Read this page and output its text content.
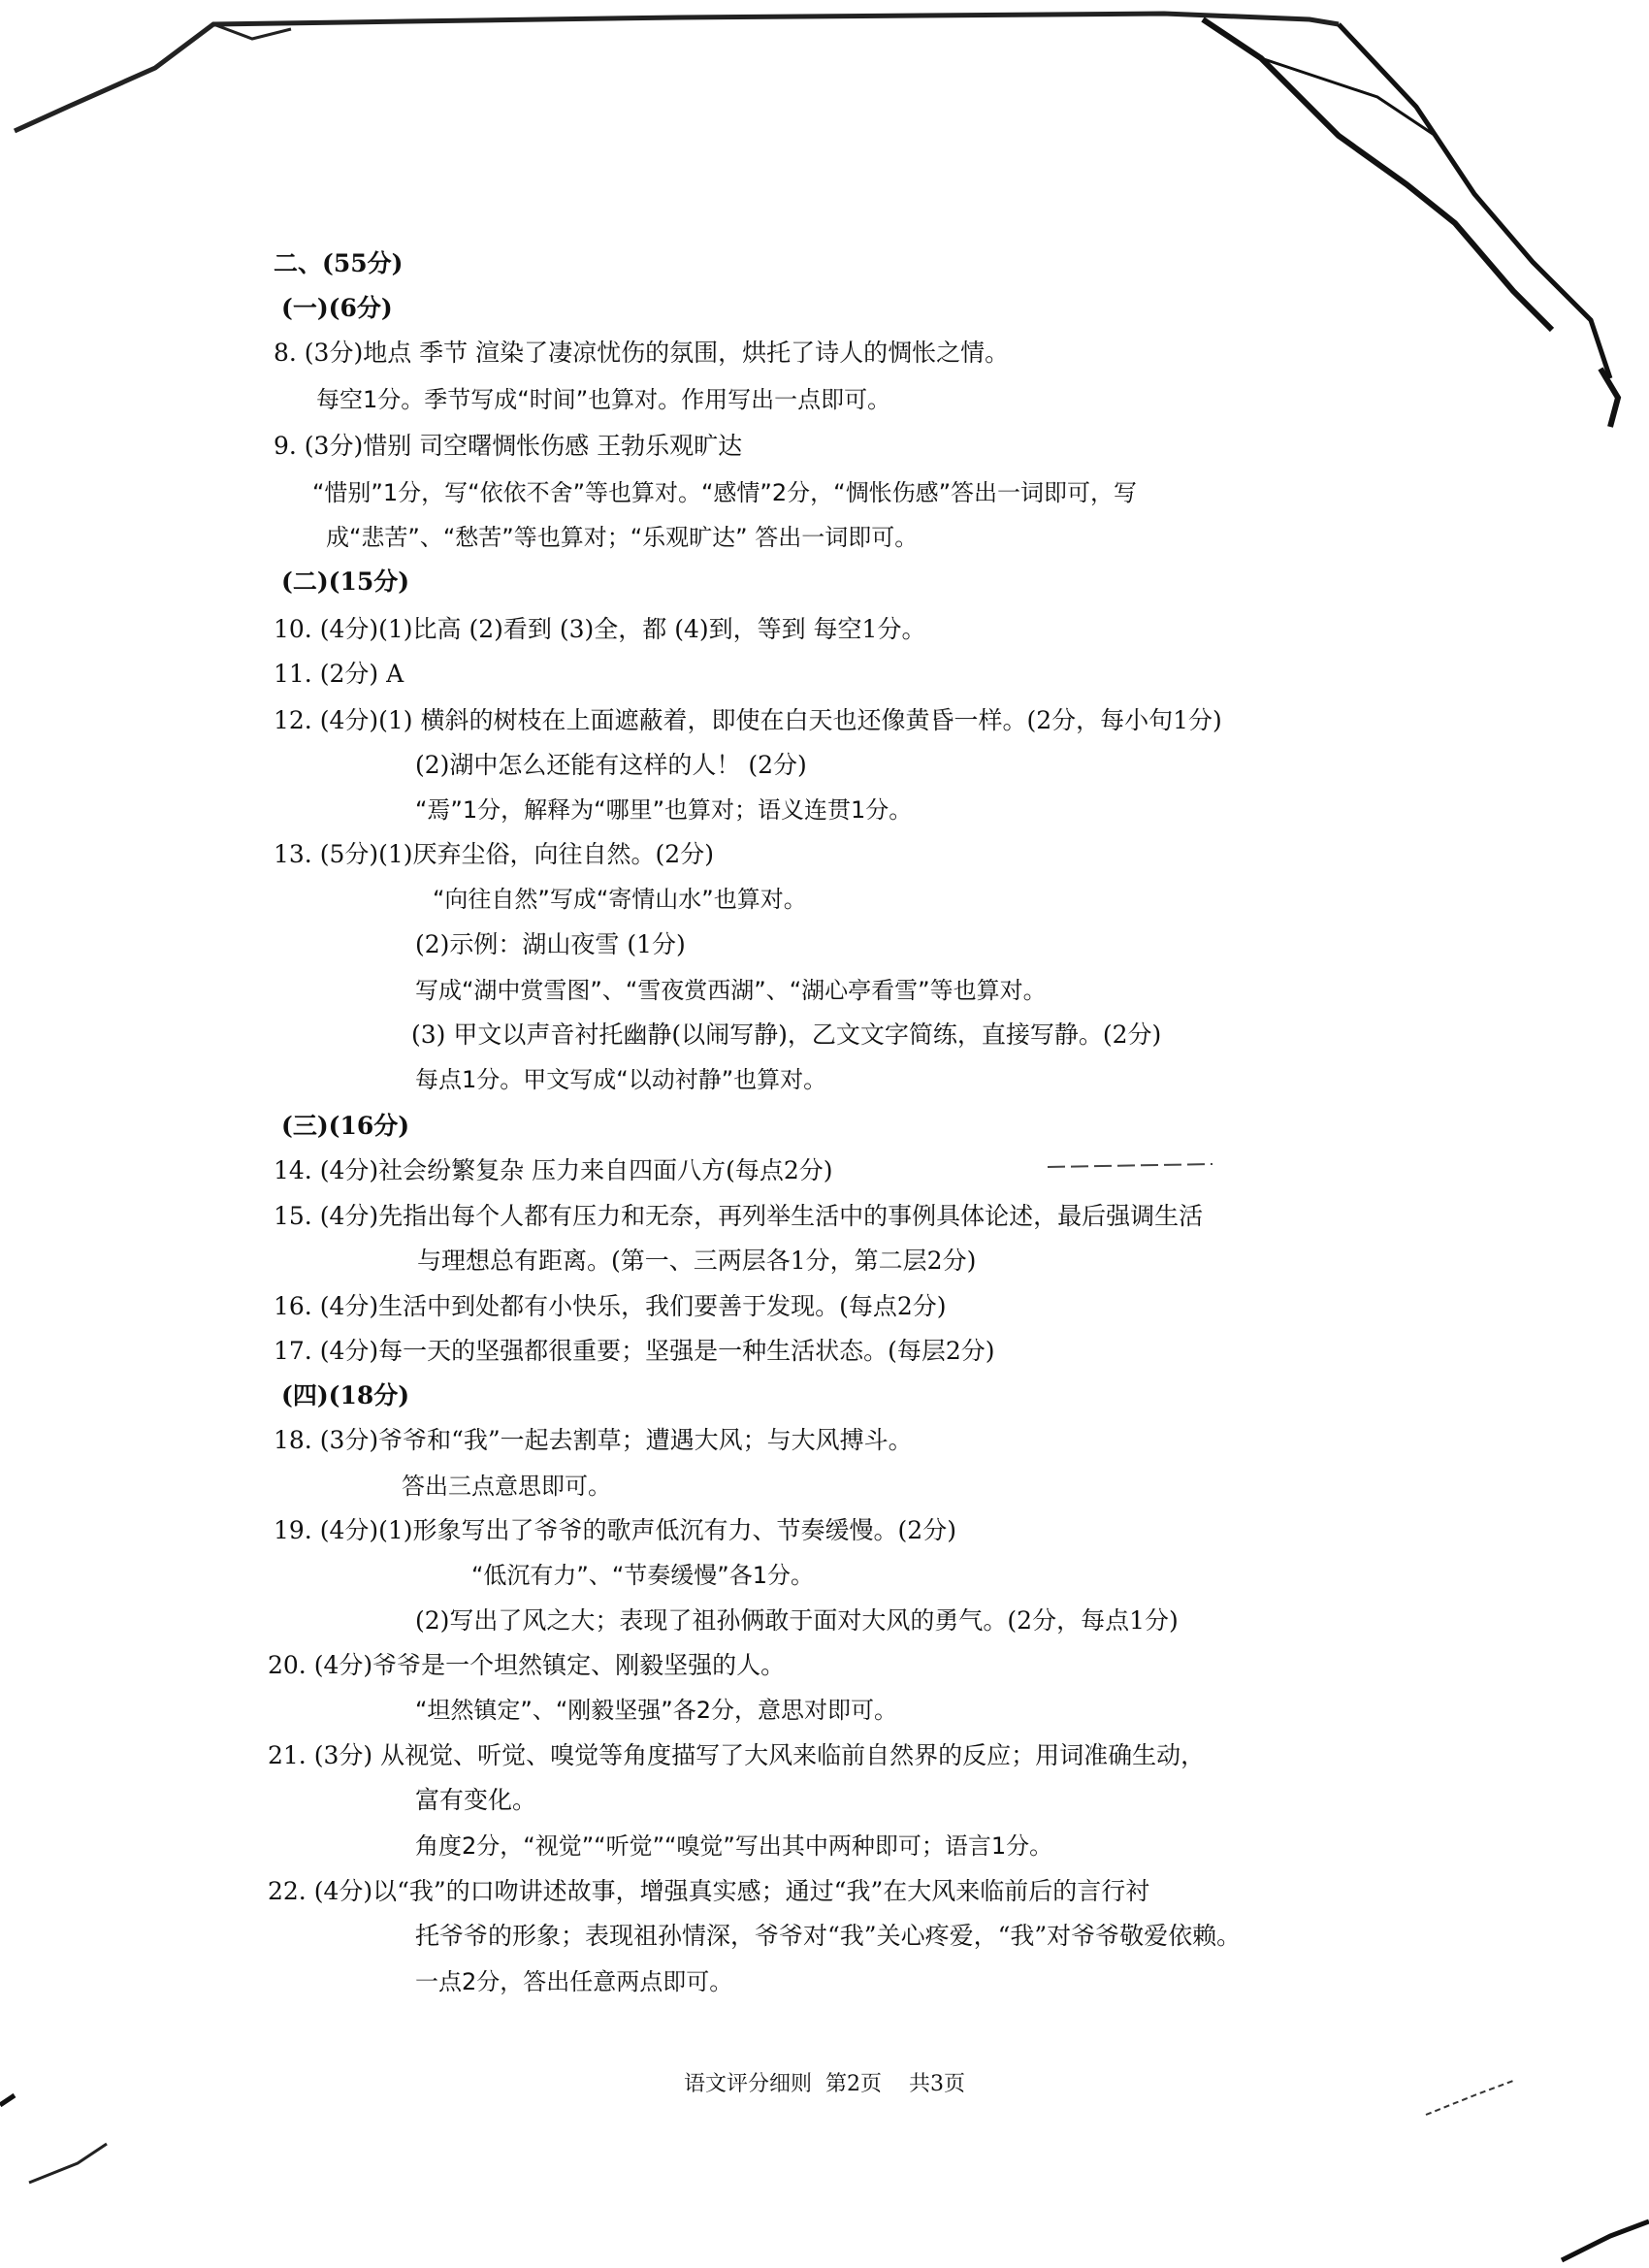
二、(55分)
(一)(6分)
8. (3分)地点 季节 渲染了凄凉忧伤的氛围，烘托了诗人的惆怅之情。
每空1分。季节写成“时间”也算对。作用写出一点即可。
9. (3分)惜别 司空曙惆怅伤感 王勃乐观旷达
“惜别”1分，写“依依不舍”等也算对。“感情”2分，“惆怅伤感”答出一词即可，写
成“悲苦”、“愁苦”等也算对；“乐观旷达” 答出一词即可。
(二)(15分)
10. (4分)(1)比高 (2)看到 (3)全，都 (4)到，等到 每空1分。
11. (2分) A
12. (4分)(1) 横斜的树枝在上面遮蔽着，即使在白天也还像黄昏一样。(2分，每小句1分)
(2)湖中怎么还能有这样的人！ (2分)
“焉”1分，解释为“哪里”也算对；语义连贯1分。
13. (5分)(1)厌弃尘俗，向往自然。(2分)
“向往自然”写成“寄情山水”也算对。
(2)示例：湖山夜雪 (1分)
写成“湖中赏雪图”、“雪夜赏西湖”、“湖心亭看雪”等也算对。
(3) 甲文以声音衬托幽静(以闹写静)，乙文文字简练，直接写静。(2分)
每点1分。甲文写成“以动衬静”也算对。
(三)(16分)
14. (4分)社会纷繁复杂 压力来自四面八方(每点2分)
15. (4分)先指出每个人都有压力和无奈，再列举生活中的事例具体论述，最后强调生活
与理想总有距离。(第一、三两层各1分，第二层2分)
16. (4分)生活中到处都有小快乐，我们要善于发现。(每点2分)
17. (4分)每一天的坚强都很重要；坚强是一种生活状态。(每层2分)
(四)(18分)
18. (3分)爷爷和“我”一起去割草；遭遇大风；与大风搏斗。
答出三点意思即可。
19. (4分)(1)形象写出了爷爷的歌声低沉有力、节奏缓慢。(2分)
“低沉有力”、“节奏缓慢”各1分。
(2)写出了风之大；表现了祖孙俩敢于面对大风的勇气。(2分，每点1分)
20. (4分)爷爷是一个坦然镇定、刚毅坚强的人。
“坦然镇定”、“刚毅坚强”各2分，意思对即可。
21. (3分) 从视觉、听觉、嗅觉等角度描写了大风来临前自然界的反应；用词准确生动，
富有变化。
角度2分，“视觉”“听觉”“嗅觉”写出其中两种即可；语言1分。
22. (4分)以“我”的口吻讲述故事，增强真实感；通过“我”在大风来临前后的言行衬
托爷爷的形象；表现祖孙情深，爷爷对“我”关心疼爱，“我”对爷爷敬爱依赖。
一点2分，答出任意两点即可。
语文评分细则  第2页    共3页
